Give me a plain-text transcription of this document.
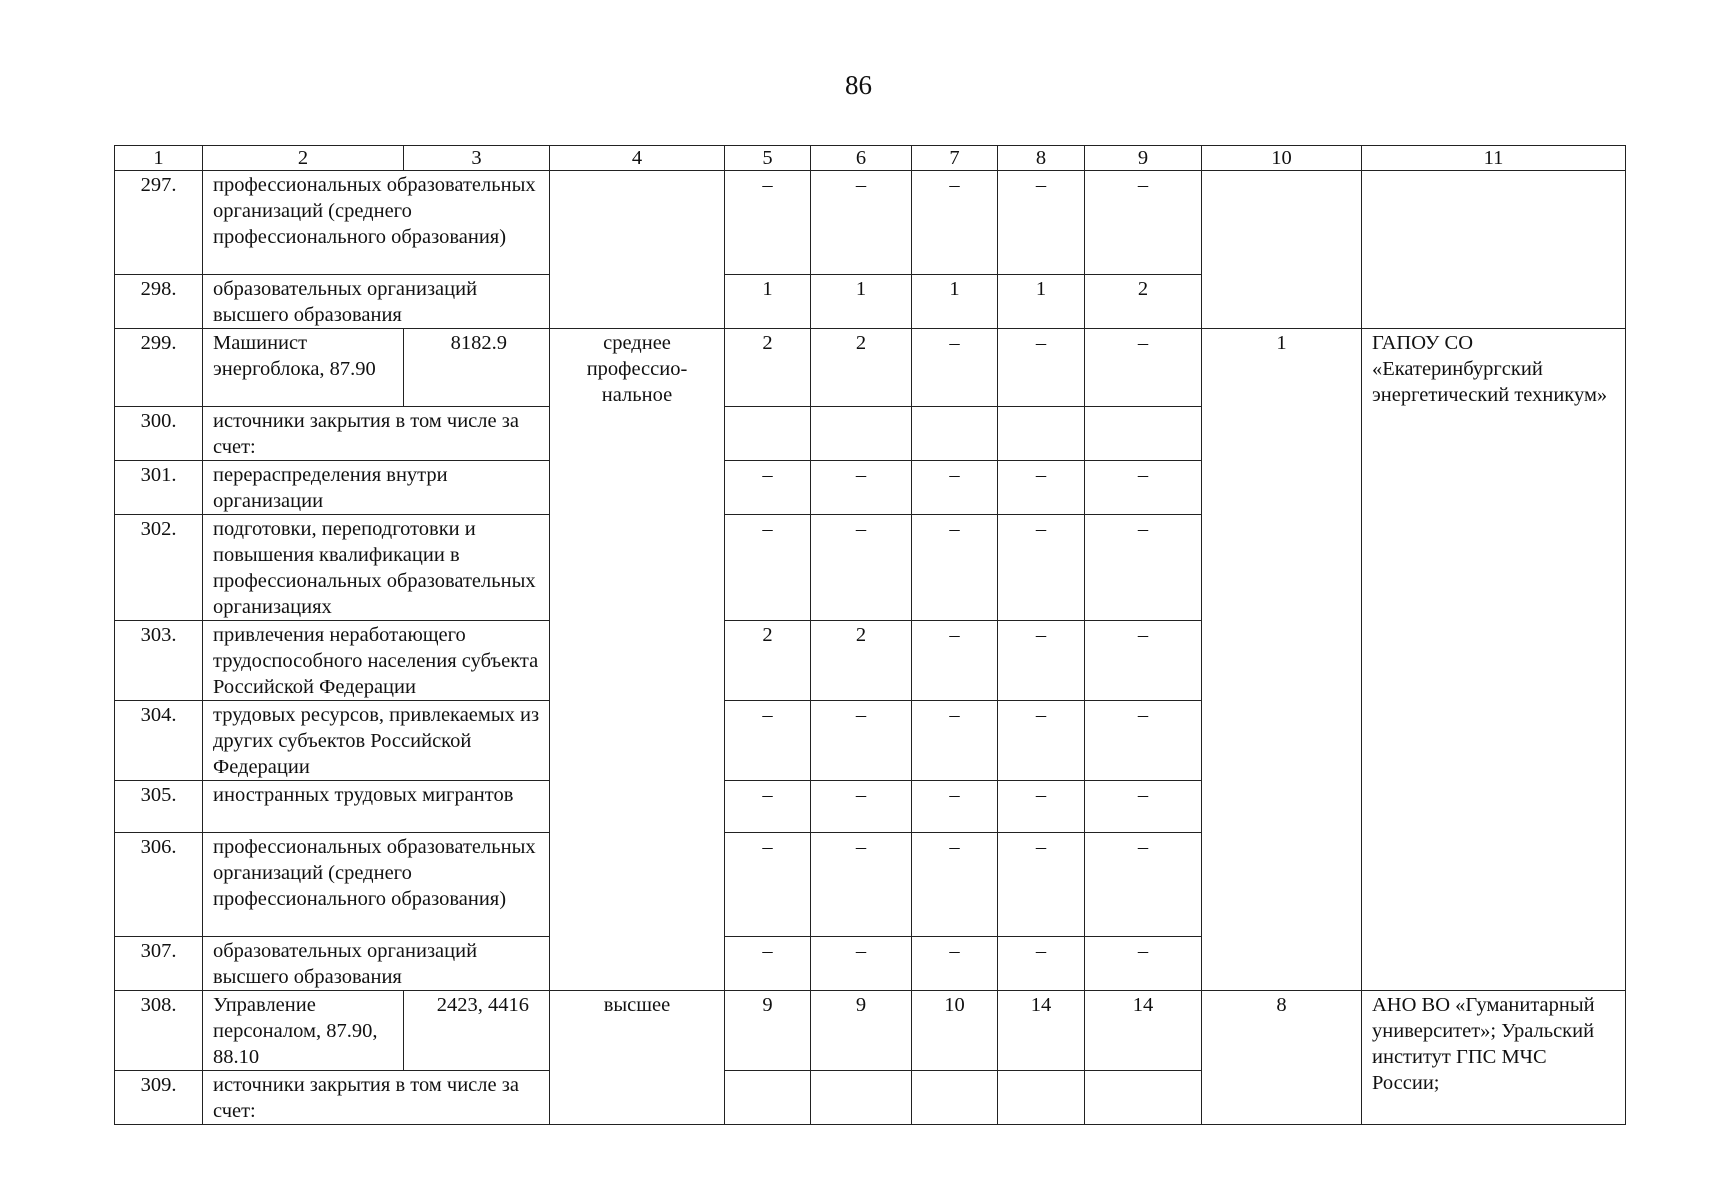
86
1	2	3	4	5	6	7	8	9	10	11
297.	профессиональных образовательных организаций (среднего профессионального образования)			–	–	–	–	–		
298.	образовательных организаций высшего образования			1	1	1	1	2		
299.	Машинист энергоблока, 87.90	8182.9	среднее профессио-нальное	2	2	–	–	–	1	ГАПОУ СО «Екатеринбургский энергетический техникум»
300.	источники закрытия в том числе за счет:									
301.	перераспределения внутри организации			–	–	–	–	–		
302.	подготовки, переподготовки и повышения квалификации в профессиональных образовательных организациях			–	–	–	–	–		
303.	привлечения неработающего трудоспособного населения субъекта Российской Федерации			2	2	–	–	–		
304.	трудовых ресурсов, привлекаемых из других субъектов Российской Федерации			–	–	–	–	–		
305.	иностранных трудовых мигрантов			–	–	–	–	–		
306.	профессиональных образовательных организаций (среднего профессионального образования)			–	–	–	–	–		
307.	образовательных организаций высшего образования			–	–	–	–	–		
308.	Управление персоналом, 87.90, 88.10	2423, 4416	высшее	9	9	10	14	14	8	АНО ВО «Гуманитарный университет»; Уральский институт ГПС МЧС России;
309.	источники закрытия в том числе за счет:									
